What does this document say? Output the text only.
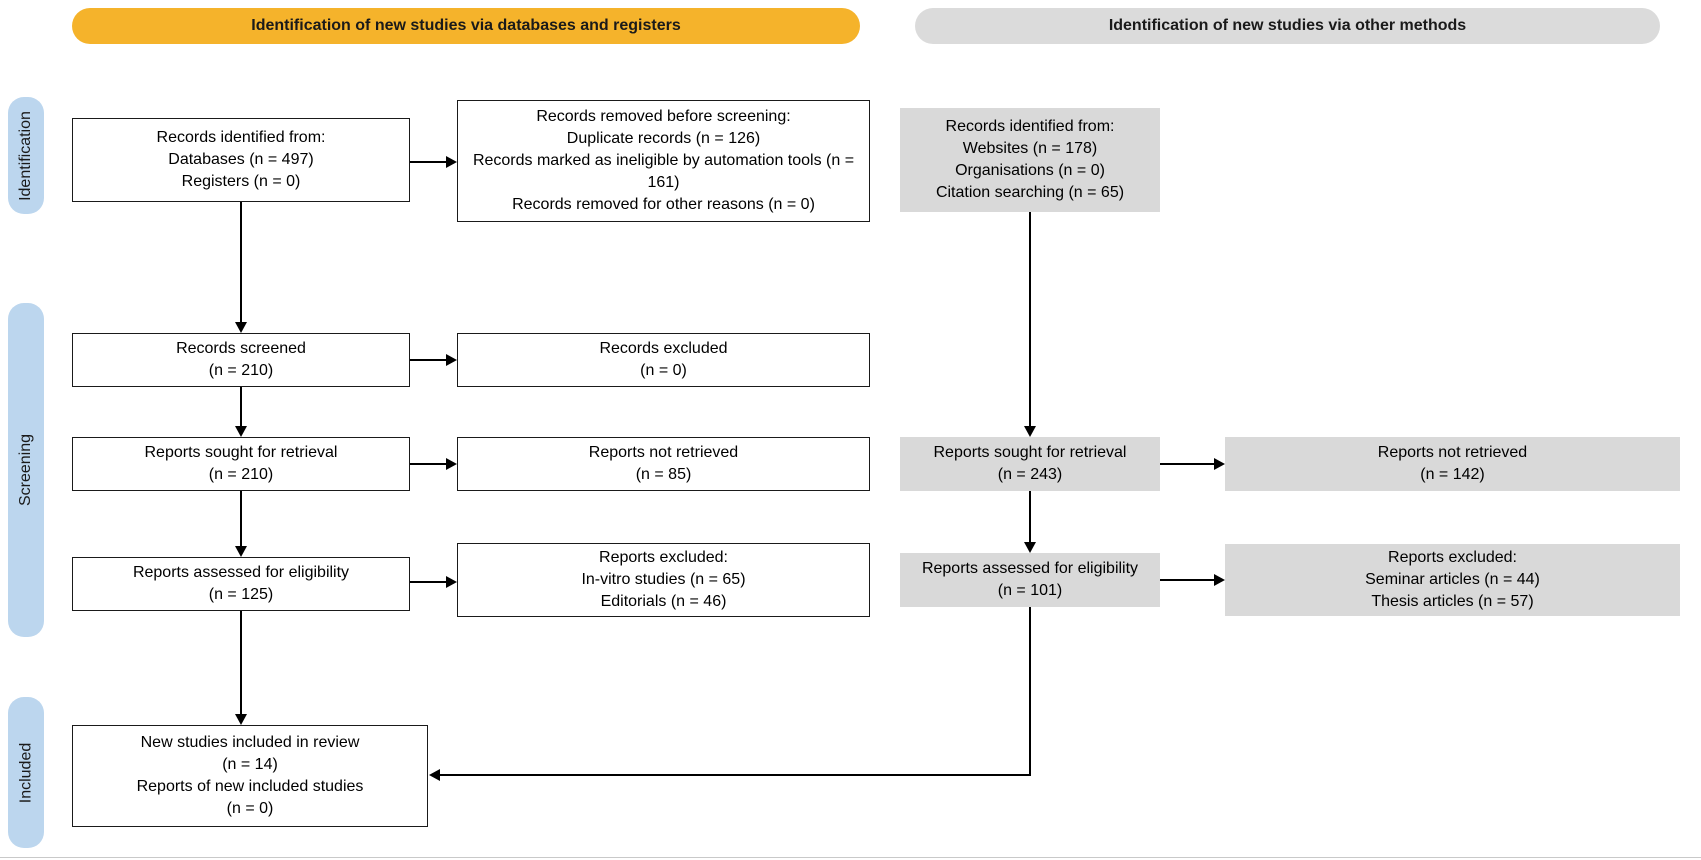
Identification of new studies via databases and registers	Identification of new studies via other methods
Identification
Screening
Included
Records identified from:
Databases (n = 497)
Registers (n = 0)
Records screened
(n = 210)
Reports sought for retrieval
(n = 210)
Reports assessed for eligibility
(n = 125)
New studies included in review
(n = 14)
Reports of new included studies
(n = 0)
Records removed before screening:
Duplicate records (n = 126)
Records marked as ineligible by automation tools (n = 161)
Records removed for other reasons (n = 0)
Records excluded
(n = 0)
Reports not retrieved
(n = 85)
Reports excluded:
In-vitro studies (n = 65)
Editorials (n = 46)
Records identified from:
Websites (n = 178)
Organisations (n = 0)
Citation searching (n = 65)
Reports sought for retrieval
(n = 243)
Reports assessed for eligibility
(n = 101)
Reports not retrieved
(n = 142)
Reports excluded:
Seminar articles (n = 44)
Thesis articles (n = 57)
